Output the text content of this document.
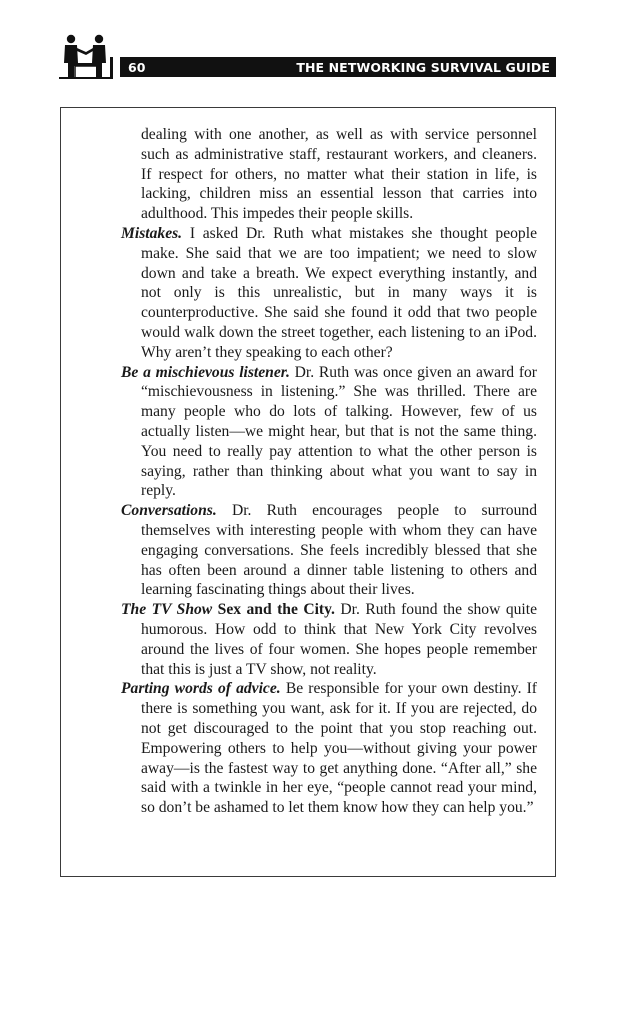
60	THE NETWORKING SURVIVAL GUIDE

dealing with one another, as well as with service personnel such as administrative staff, restaurant workers, and cleaners. If respect for others, no matter what their station in life, is lacking, children miss an essential lesson that carries into adulthood. This impedes their people skills.

Mistakes. I asked Dr. Ruth what mistakes she thought people make. She said that we are too impatient; we need to slow down and take a breath. We expect everything instantly, and not only is this unrealistic, but in many ways it is counterproductive. She said she found it odd that two people would walk down the street together, each listening to an iPod. Why aren’t they speaking to each other?

Be a mischievous listener. Dr. Ruth was once given an award for “mischievousness in listening.” She was thrilled. There are many people who do lots of talking. However, few of us actually listen—we might hear, but that is not the same thing. You need to really pay attention to what the other person is saying, rather than thinking about what you want to say in reply.

Conversations. Dr. Ruth encourages people to surround themselves with interesting people with whom they can have engaging conversations. She feels incredibly blessed that she has often been around a dinner table listening to others and learning fascinating things about their lives.

The TV Show Sex and the City. Dr. Ruth found the show quite humorous. How odd to think that New York City revolves around the lives of four women. She hopes people remember that this is just a TV show, not reality.

Parting words of advice. Be responsible for your own destiny. If there is something you want, ask for it. If you are rejected, do not get discouraged to the point that you stop reaching out. Empowering others to help you—without giving your power away—is the fastest way to get anything done. “After all,” she said with a twinkle in her eye, “people cannot read your mind, so don’t be ashamed to let them know how they can help you.”
